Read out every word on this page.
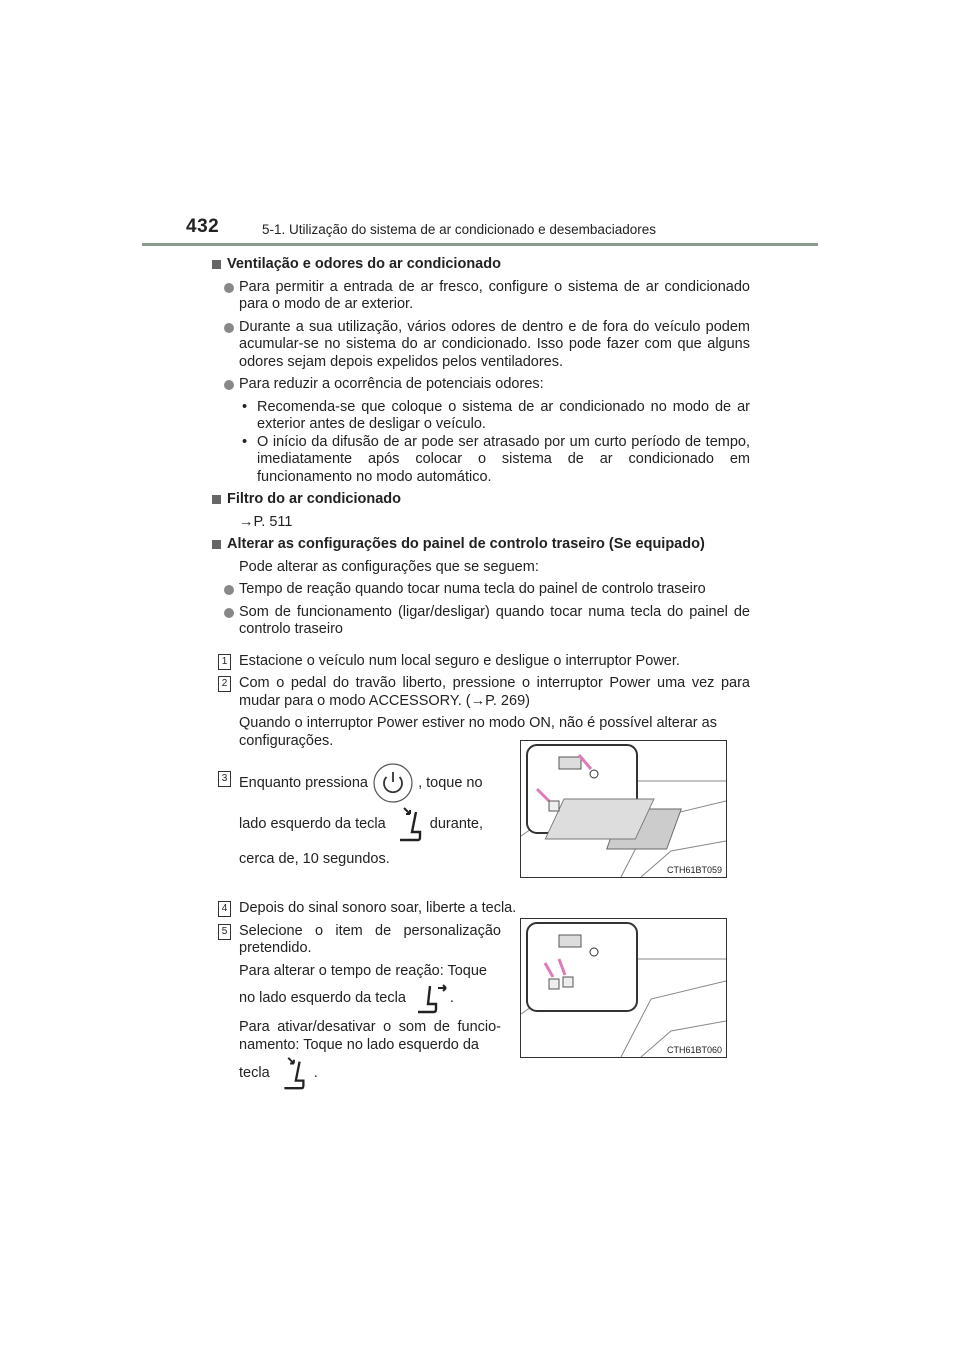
432	5-1. Utilização do sistema de ar condicionado e desembaciadores
Ventilação e odores do ar condicionado
Para permitir a entrada de ar fresco, configure o sistema de ar condicionado para o modo de ar exterior.
Durante a sua utilização, vários odores de dentro e de fora do veículo podem acumular-se no sistema do ar condicionado. Isso pode fazer com que alguns odores sejam depois expelidos pelos ventiladores.
Para reduzir a ocorrência de potenciais odores:
• Recomenda-se que coloque o sistema de ar condicionado no modo de ar exterior antes de desligar o veículo.
• O início da difusão de ar pode ser atrasado por um curto período de tempo, imediatamente após colocar o sistema de ar condicionado em funcionamento no modo automático.
Filtro do ar condicionado
→P. 511
Alterar as configurações do painel de controlo traseiro (Se equipado)
Pode alterar as configurações que se seguem:
Tempo de reação quando tocar numa tecla do painel de controlo traseiro
Som de funcionamento (ligar/desligar) quando tocar numa tecla do painel de controlo traseiro
1 Estacione o veículo num local seguro e desligue o interruptor Power.
2 Com o pedal do travão liberto, pressione o interruptor Power uma vez para mudar para o modo ACCESSORY. (→P. 269)
Quando o interruptor Power estiver no modo ON, não é possível alterar as configurações.
3 Enquanto pressiona	, toque no
lado esquerdo da tecla	durante,
cerca de, 10 segundos.
4 Depois do sinal sonoro soar, liberte a tecla.
5 Selecione o item de personalização pretendido.
Para alterar o tempo de reação: Toque
no lado esquerdo da tecla	.
Para ativar/desativar o som de funcio-namento: Toque no lado esquerdo da
tecla	.
CTH61BT059
CTH61BT060
